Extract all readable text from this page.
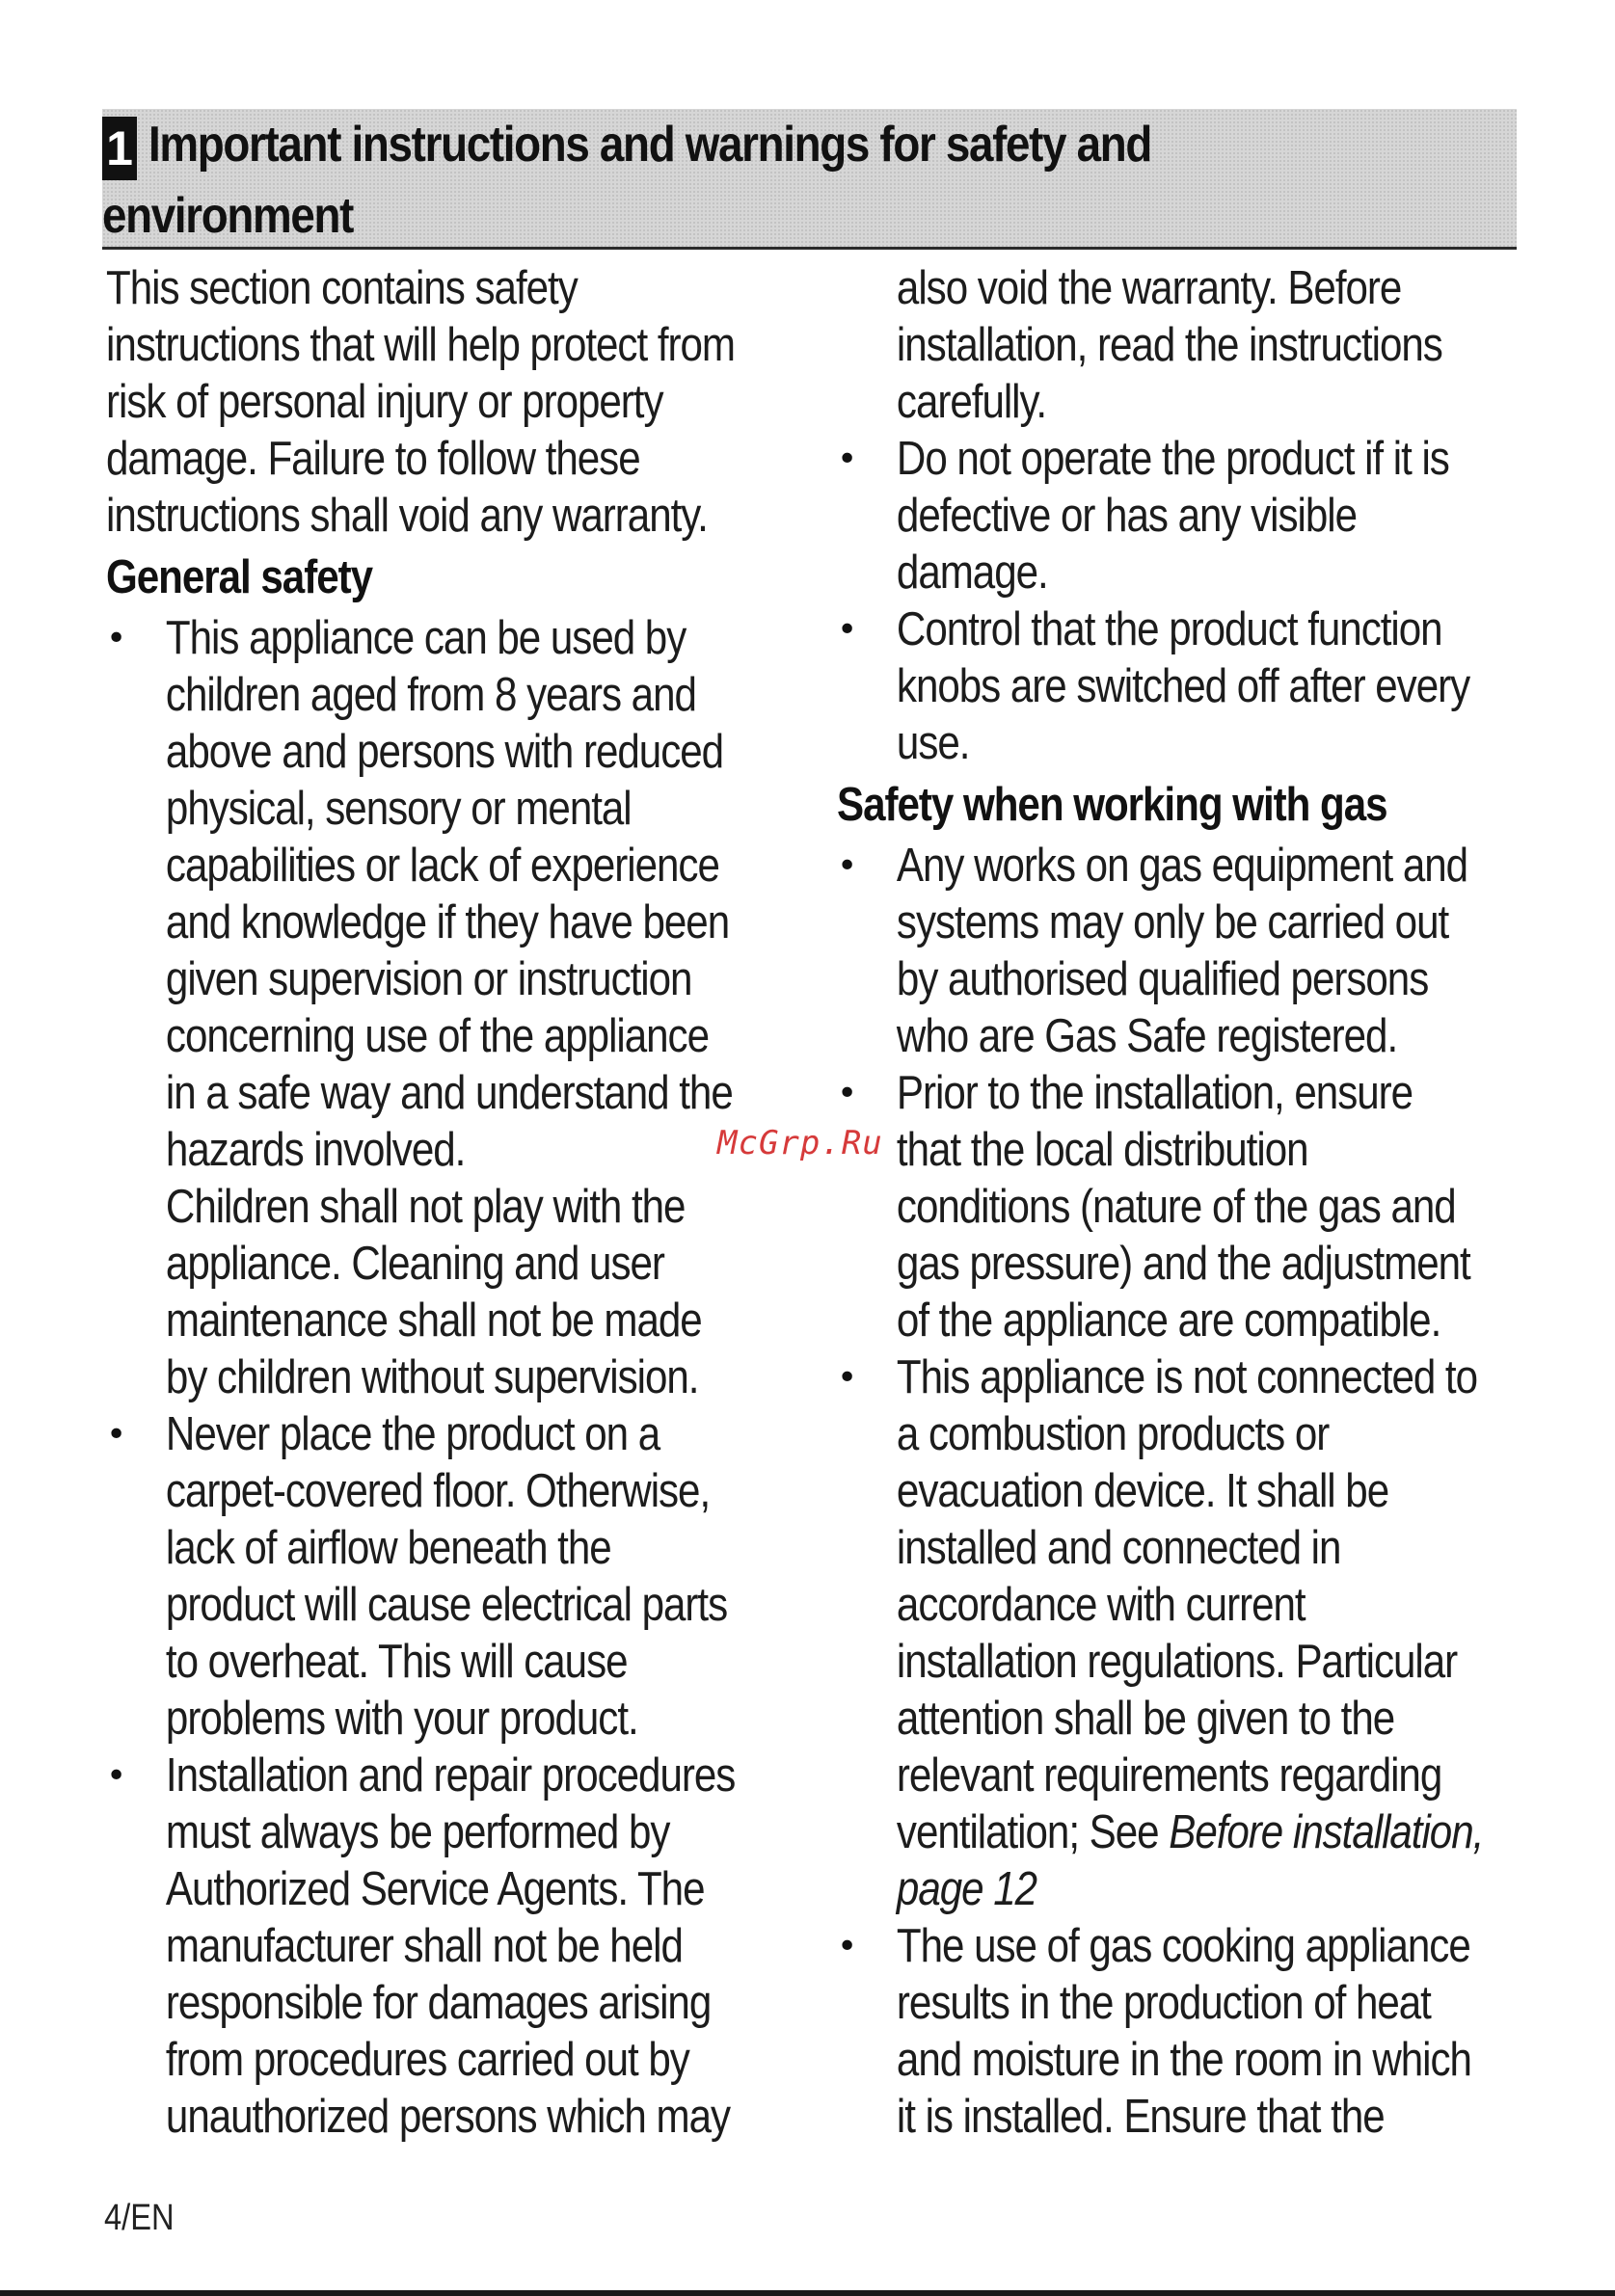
1 Important instructions and warnings for safety and
environment
This section contains safety
instructions that will help protect from
risk of personal injury or property
damage. Failure to follow these
instructions shall void any warranty.
General safety
• This appliance can be used by
children aged from 8 years and
above and persons with reduced
physical, sensory or mental
capabilities or lack of experience
and knowledge if they have been
given supervision or instruction
concerning use of the appliance
in a safe way and understand the
hazards involved.
Children shall not play with the
appliance. Cleaning and user
maintenance shall not be made
by children without supervision.
• Never place the product on a
carpet-covered floor. Otherwise,
lack of airflow beneath the
product will cause electrical parts
to overheat. This will cause
problems with your product.
• Installation and repair procedures
must always be performed by
Authorized Service Agents. The
manufacturer shall not be held
responsible for damages arising
from procedures carried out by
unauthorized persons which may
also void the warranty. Before
installation, read the instructions
carefully.
• Do not operate the product if it is
defective or has any visible
damage.
• Control that the product function
knobs are switched off after every
use.
Safety when working with gas
• Any works on gas equipment and
systems may only be carried out
by authorised qualified persons
who are Gas Safe registered.
• Prior to the installation, ensure
that the local distribution
conditions (nature of the gas and
gas pressure) and the adjustment
of the appliance are compatible.
• This appliance is not connected to
a combustion products or
evacuation device. It shall be
installed and connected in
accordance with current
installation regulations. Particular
attention shall be given to the
relevant requirements regarding
ventilation; See Before installation,
page 12
• The use of gas cooking appliance
results in the production of heat
and moisture in the room in which
it is installed. Ensure that the
McGrp.Ru
4/EN
